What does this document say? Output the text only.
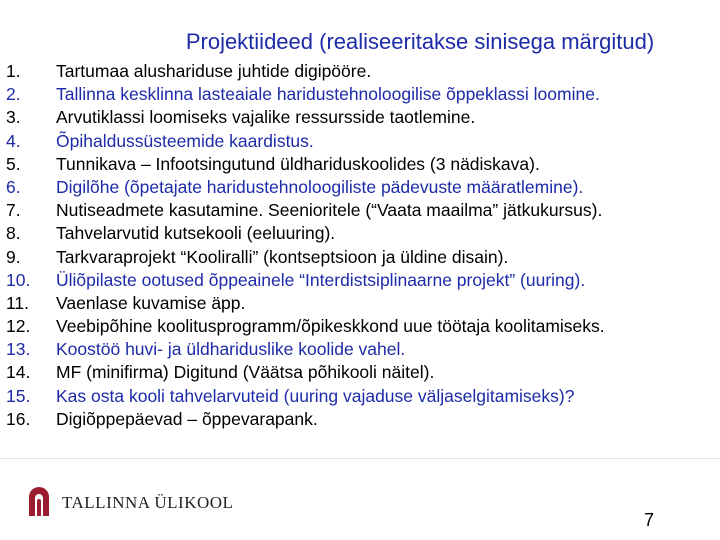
Projektiideed (realiseeritakse sinisega märgitud)
1.	Tartumaa alushariduse juhtide digipööre.
2.	Tallinna kesklinna lasteaiale haridustehnoloogilise õppeklassi loomine.
3.	Arvutiklassi loomiseks vajalike ressursside taotlemine.
4.	Õpihaldussüsteemide kaardistus.
5.	Tunnikava – Infootsingutund üldhariduskoolides (3 nädiskava).
6.	Digilõhe (õpetajate haridustehnoloogiliste pädevuste määratlemine).
7.	Nutiseadmete kasutamine. Seenioritele (“Vaata maailma” jätkukursus).
8.	Tahvelarvutid kutsekooli (eeluuring).
9.	Tarkvaraprojekt “Kooliralli” (kontseptsioon ja üldine disain).
10.	Üliõpilaste ootused õppeainele “Interdistsiplinaarne projekt” (uuring).
11.	Vaenlase kuvamise äpp.
12.	Veebipõhine koolitusprogramm/õpikeskkond uue töötaja koolitamiseks.
13.	Koostöö huvi- ja üldhariduslike koolide vahel.
14.	MF (minifirma) Digitund (Väätsa põhikooli näitel).
15.	Kas osta kooli tahvelarvuteid (uuring vajaduse väljaselgitamiseks)?
16.	Digiõppepäevad – õppevarapank.
TALLINNA ÜLIKOOL
7
